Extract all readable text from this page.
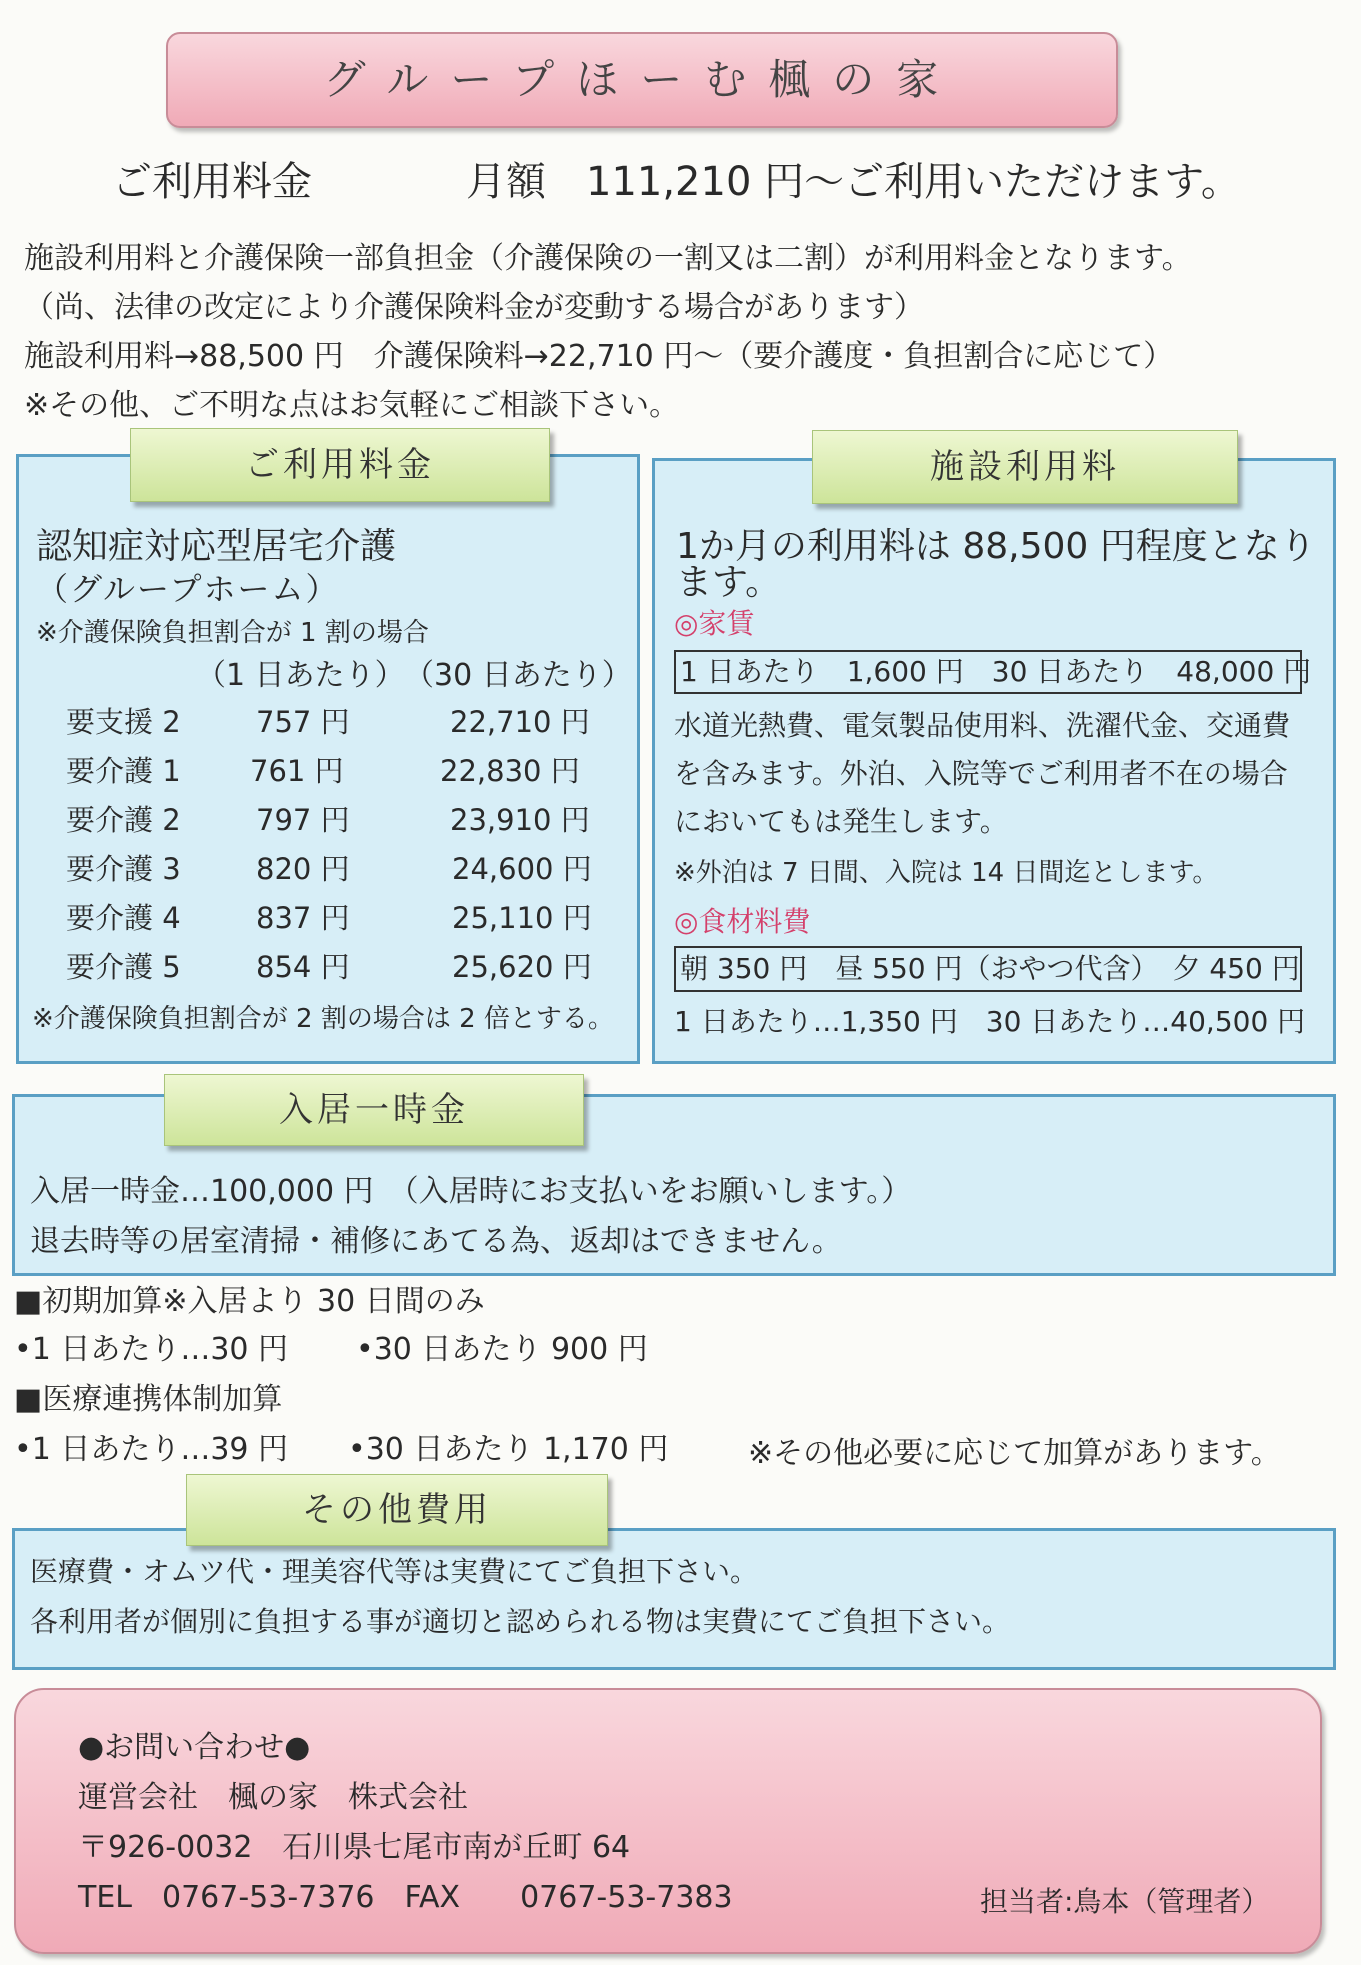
グループほーむ楓の家
ご利用料金	月額　111,210 円～ご利用いただけます。
施設利用料と介護保険一部負担金（介護保険の一割又は二割）が利用料金となります。
（尚、法律の改定により介護保険料金が変動する場合があります）
施設利用料→88,500 円　介護保険料→22,710 円～（要介護度・負担割合に応じて）
※その他、ご不明な点はお気軽にご相談下さい。
ご利用料金
認知症対応型居宅介護
（グループホーム）
※介護保険負担割合が 1 割の場合
（1 日あたり） （30 日あたり）
要支援 2	757 円	22,710 円
要介護 1 761 円	22,830 円
要介護 2	797 円	23,910 円
要介護 3	820 円	24,600 円
要介護 4	837 円	25,110 円
要介護 5	854 円	25,620 円
※介護保険負担割合が 2 割の場合は 2 倍とする。
施設利用料
1か月の利用料は 88,500 円程度となり
ます。
◎家賃
1 日あたり　1,600 円　30 日あたり　48,000 円
水道光熱費、電気製品使用料、洗濯代金、交通費
を含みます。外泊、入院等でご利用者不在の場合
においてもは発生します。
※外泊は 7 日間、入院は 14 日間迄とします。
◎食材料費
朝 350 円　昼 550 円（おやつ代含）　夕 450 円
1 日あたり…1,350 円　30 日あたり…40,500 円
入居一時金
入居一時金…100,000 円　（入居時にお支払いをお願いします。）
退去時等の居室清掃・補修にあてる為、返却はできません。
■初期加算※入居より 30 日間のみ
•1 日あたり…30 円 •30 日あたり 900 円
■医療連携体制加算
•1 日あたり…39 円 •30 日あたり 1,170 円	※その他必要に応じて加算があります。
その他費用
医療費・オムツ代・理美容代等は実費にてご負担下さい。
各利用者が個別に負担する事が適切と認められる物は実費にてご負担下さい。
●お問い合わせ●
運営会社　楓の家　株式会社
〒926-0032　石川県七尾市南が丘町 64
TEL　0767-53-7376　FAX　　0767-53-7383	担当者:鳥本（管理者）
